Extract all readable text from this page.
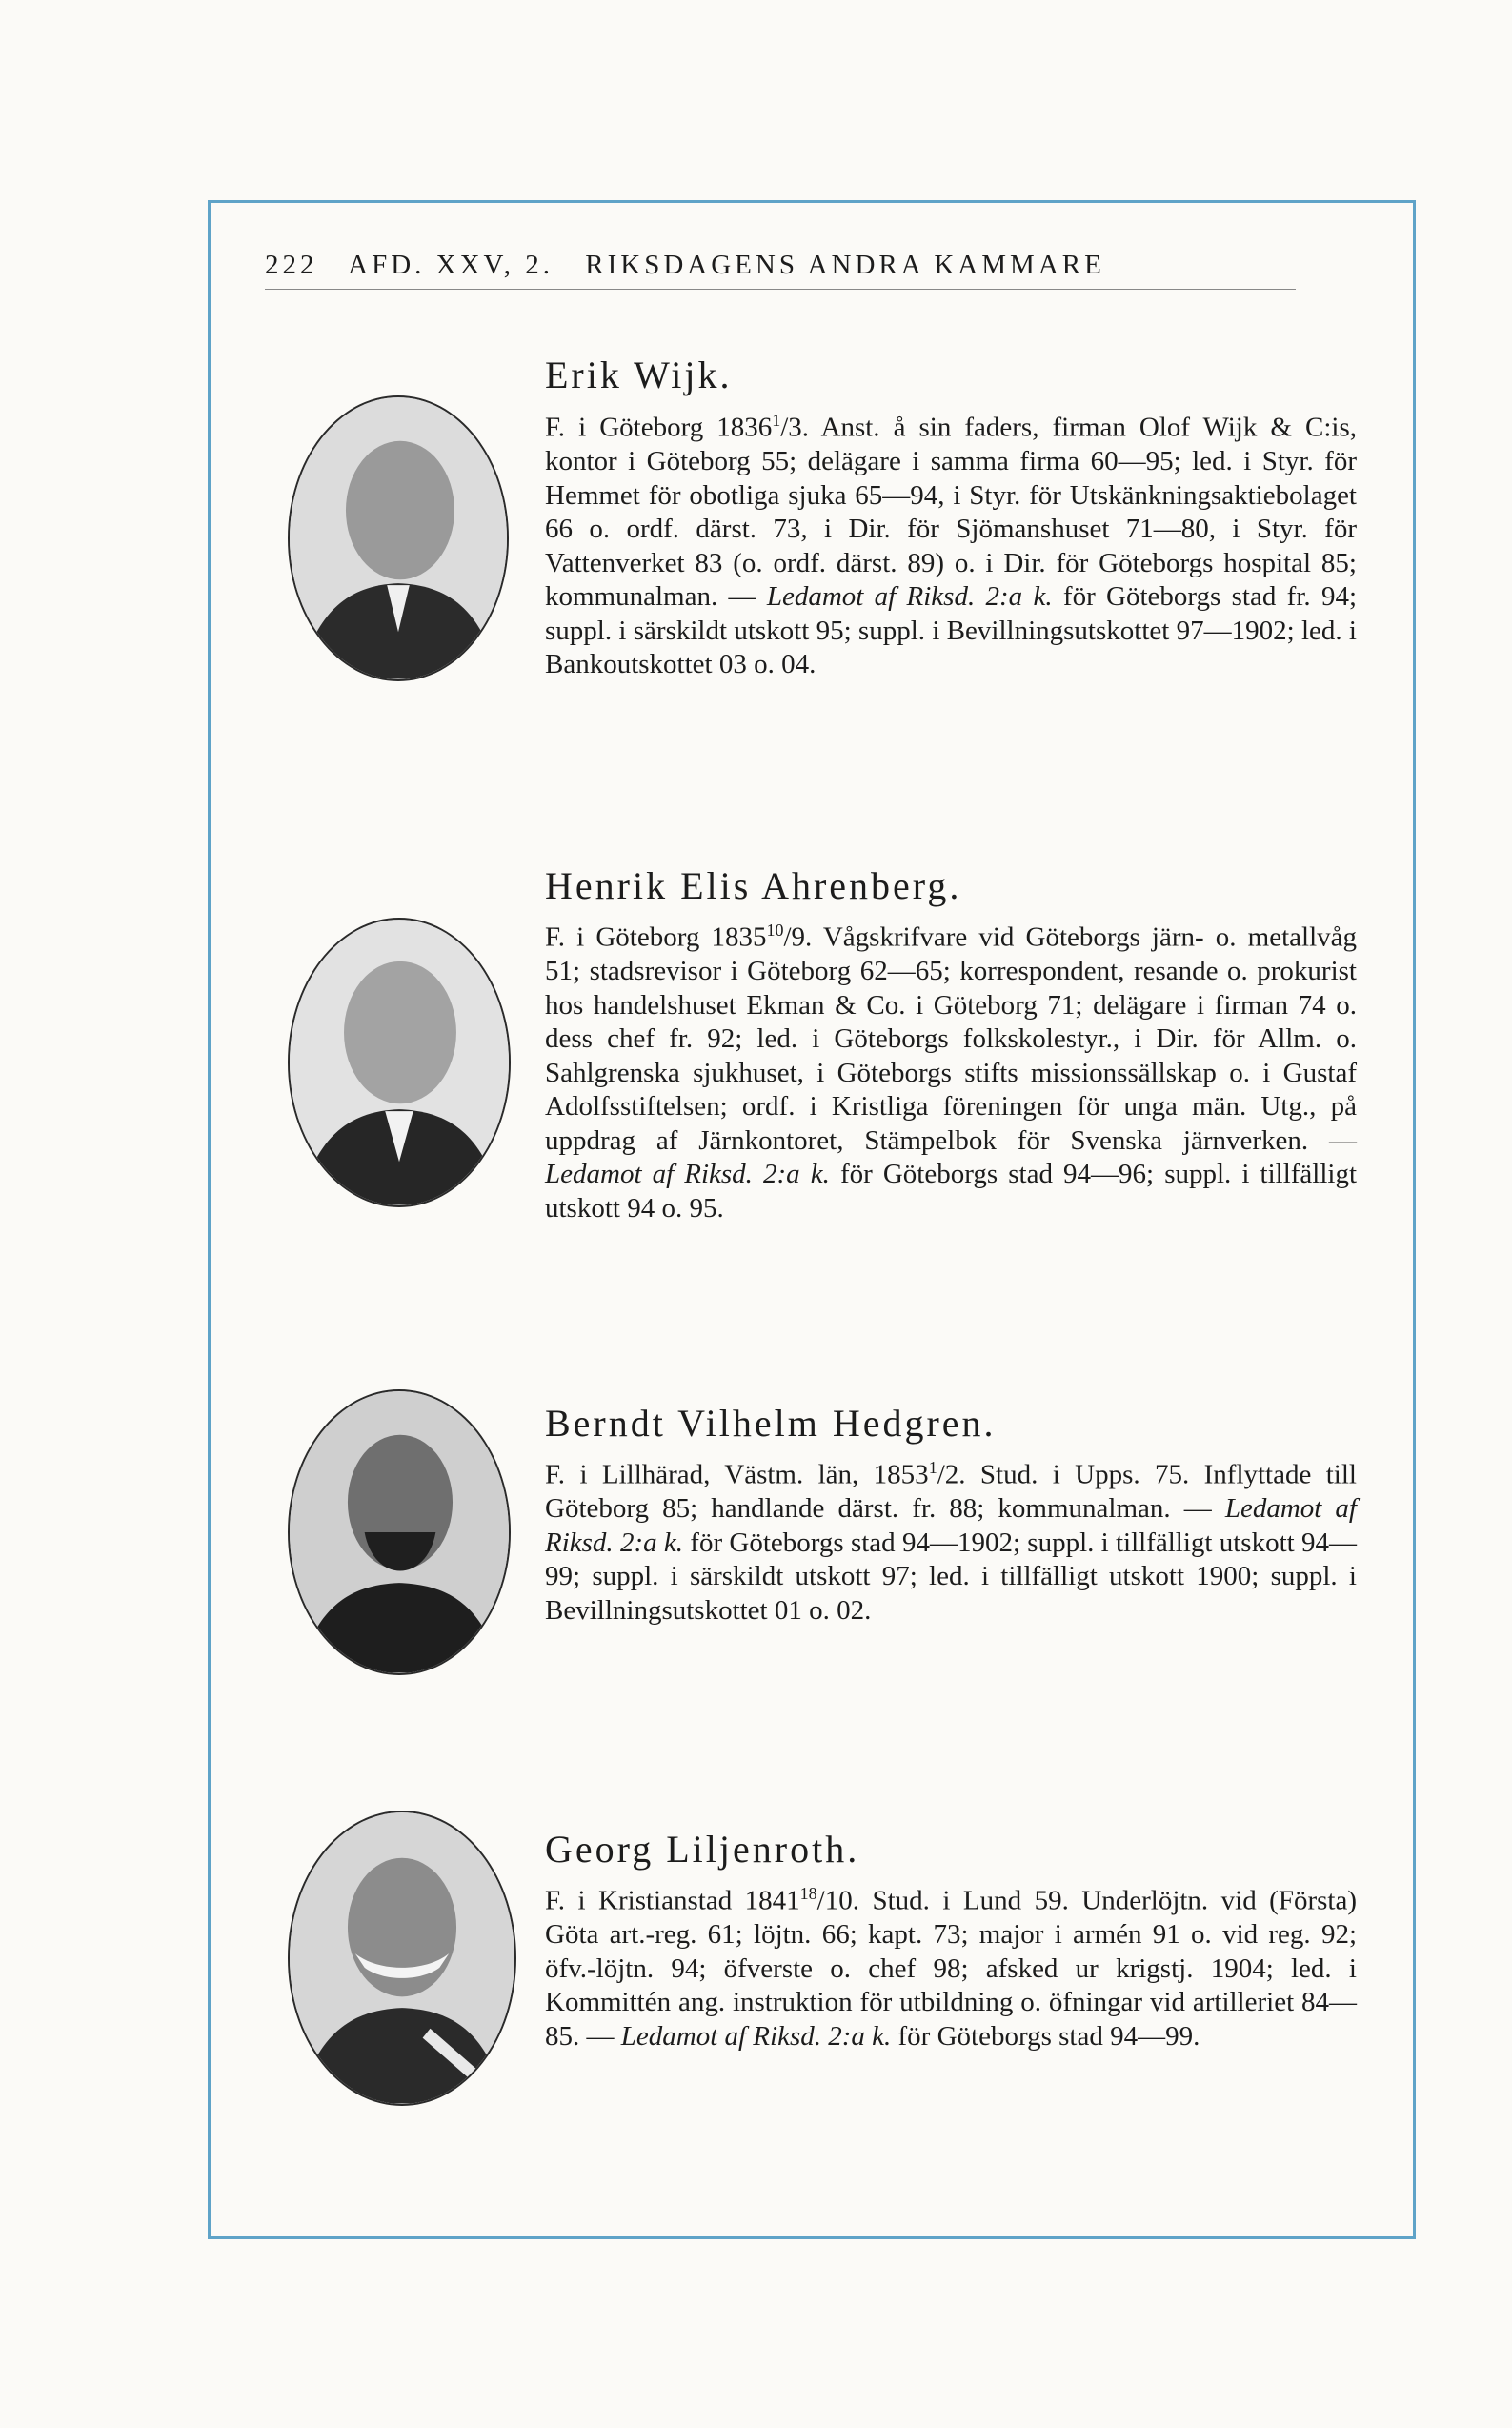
222 AFD. XXV, 2. RIKSDAGENS ANDRA KAMMARE
Erik Wijk.
F. i Göteborg 1836$^1$/3. Anst. å sin faders, firman Olof Wijk & C:is, kontor i Göteborg 55; delägare i samma firma 60—95; led. i Styr. för Hemmet för obotliga sjuka 65—94, i Styr. för Utskänkningsaktiebolaget 66 o. ordf. därst. 73, i Dir. för Sjömanshuset 71—80, i Styr. för Vattenverket 83 (o. ordf. därst. 89) o. i Dir. för Göteborgs hospital 85; kommunalman. — Ledamot af Riksd. 2:a k. för Göteborgs stad fr. 94; suppl. i särskildt utskott 95; suppl. i Bevillningsutskottet 97—1902; led. i Bankoutskottet 03 o. 04.
Henrik Elis Ahrenberg.
F. i Göteborg 1835$^{10}$/9. Vågskrifvare vid Göteborgs järn- o. metallvåg 51; stadsrevisor i Göteborg 62—65; korrespondent, resande o. prokurist hos handelshuset Ekman & Co. i Göteborg 71; delägare i firman 74 o. dess chef fr. 92; led. i Göteborgs folkskolestyr., i Dir. för Allm. o. Sahlgrenska sjukhuset, i Göteborgs stifts missionssällskap o. i Gustaf Adolfsstiftelsen; ordf. i Kristliga föreningen för unga män. Utg., på uppdrag af Järnkontoret, Stämpelbok för Svenska järnverken. — Ledamot af Riksd. 2:a k. för Göteborgs stad 94—96; suppl. i tillfälligt utskott 94 o. 95.
Berndt Vilhelm Hedgren.
F. i Lillhärad, Västm. län, 1853$^1$/2. Stud. i Upps. 75. Inflyttade till Göteborg 85; handlande därst. fr. 88; kommunalman. — Ledamot af Riksd. 2:a k. för Göteborgs stad 94—1902; suppl. i tillfälligt utskott 94—99; suppl. i särskildt utskott 97; led. i tillfälligt utskott 1900; suppl. i Bevillningsutskottet 01 o. 02.
Georg Liljenroth.
F. i Kristianstad 1841$^{18}$/10. Stud. i Lund 59. Underlöjtn. vid (Första) Göta art.-reg. 61; löjtn. 66; kapt. 73; major i armén 91 o. vid reg. 92; öfv.-löjtn. 94; öfverste o. chef 98; afsked ur krigstj. 1904; led. i Kommittén ang. instruktion för utbildning o. öfningar vid artilleriet 84—85. — Ledamot af Riksd. 2:a k. för Göteborgs stad 94—99.
